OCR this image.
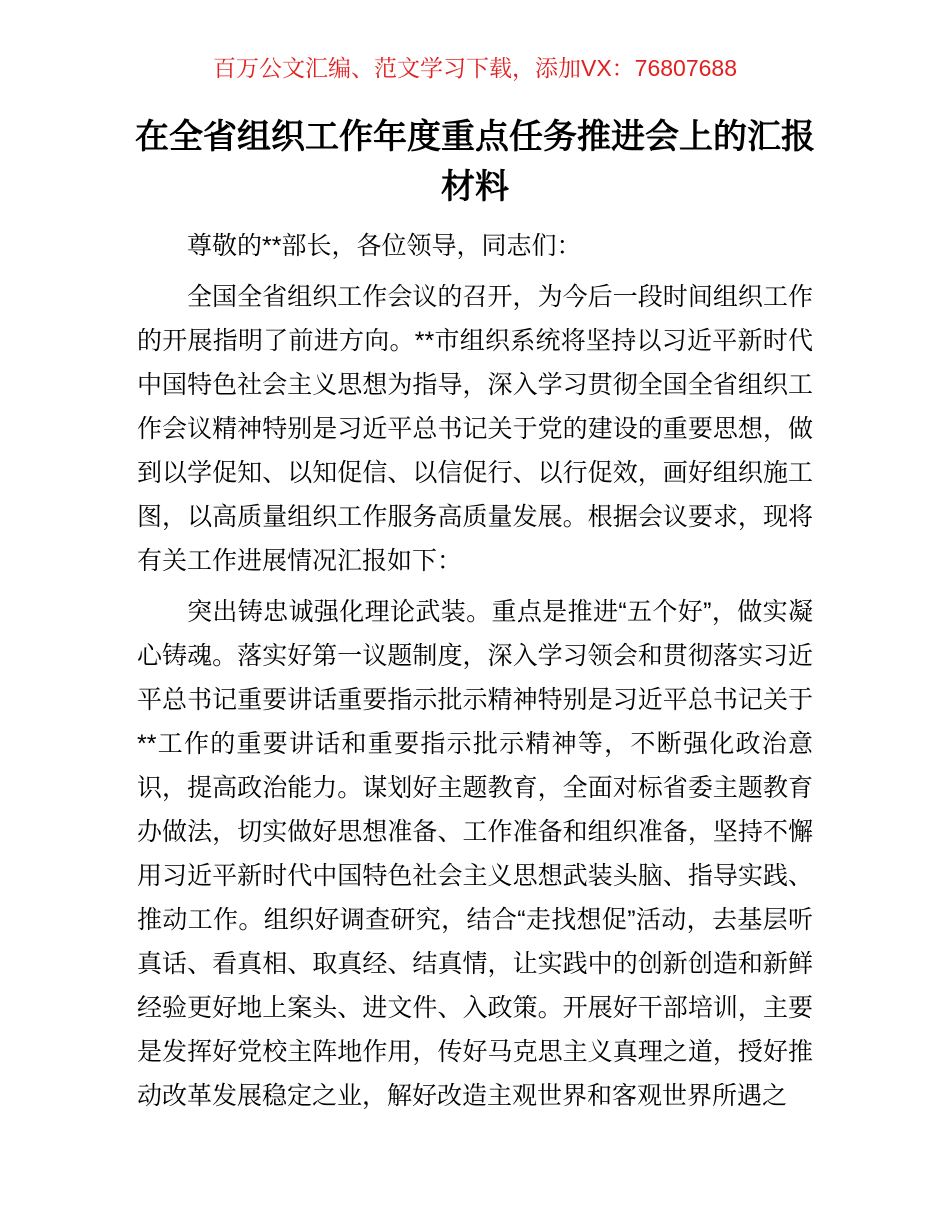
百万公文汇编、范文学习下载，添加VX：76807688
在全省组织工作年度重点任务推进会上的汇报
材料

尊敬的**部长，各位领导，同志们：

全国全省组织工作会议的召开，为今后一段时间组织工作的开展指明了前进方向。**市组织系统将坚持以习近平新时代中国特色社会主义思想为指导，深入学习贯彻全国全省组织工作会议精神特别是习近平总书记关于党的建设的重要思想，做到以学促知、以知促信、以信促行、以行促效，画好组织施工图，以高质量组织工作服务高质量发展。根据会议要求，现将有关工作进展情况汇报如下：

突出铸忠诚强化理论武装。重点是推进“五个好”，做实凝心铸魂。落实好第一议题制度，深入学习领会和贯彻落实习近平总书记重要讲话重要指示批示精神特别是习近平总书记关于**工作的重要讲话和重要指示批示精神等，不断强化政治意识，提高政治能力。谋划好主题教育，全面对标省委主题教育办做法，切实做好思想准备、工作准备和组织准备，坚持不懈用习近平新时代中国特色社会主义思想武装头脑、指导实践、推动工作。组织好调查研究，结合“走找想促”活动，去基层听真话、看真相、取真经、结真情，让实践中的创新创造和新鲜经验更好地上案头、进文件、入政策。开展好干部培训，主要是发挥好党校主阵地作用，传好马克思主义真理之道，授好推动改革发展稳定之业，解好改造主观世界和客观世界所遇之
